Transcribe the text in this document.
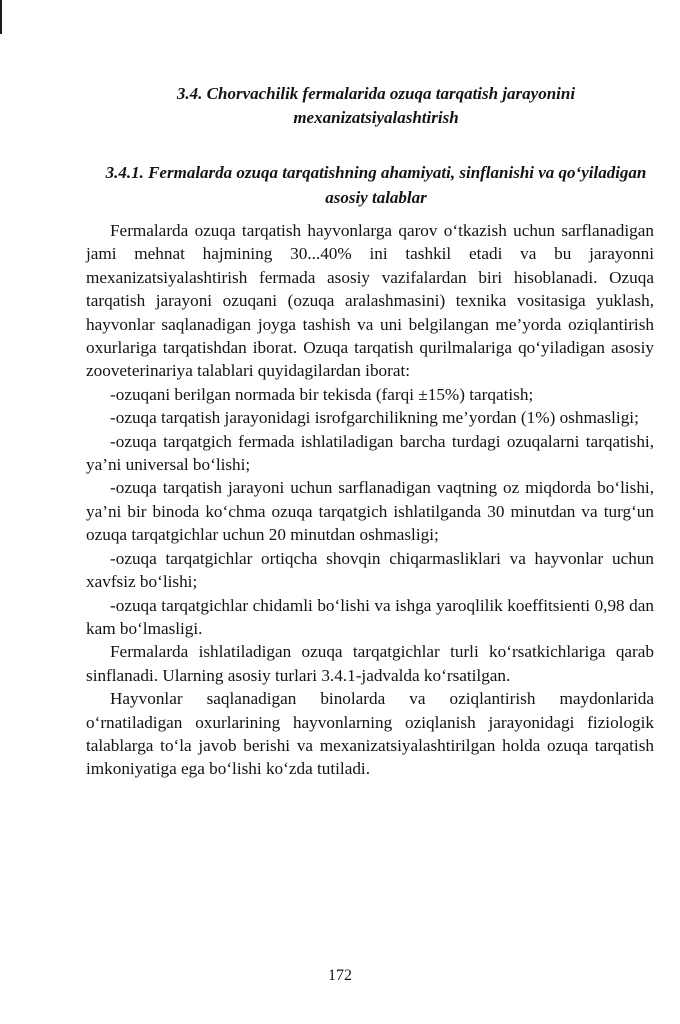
3.4. Chorvachilik fermalarida ozuqa tarqatish jarayonini mexanizatsiyalashtirish
3.4.1. Fermalarda ozuqa tarqatishning ahamiyati, sinflanishi va qo‘yiladigan asosiy talablar

Fermalarda ozuqa tarqatish hayvonlarga qarov o‘tkazish uchun sarflanadigan jami mehnat hajmining 30...40% ini tashkil etadi va bu jarayonni mexanizatsiyalashtirish fermada asosiy vazifalardan biri hisoblanadi. Ozuqa tarqatish jarayoni ozuqani (ozuqa aralashmasini) texnika vositasiga yuklash, hayvonlar saqlanadigan joyga tashish va uni belgilangan me’yorda oziqlantirish oxurlariga tarqatishdan iborat. Ozuqa tarqatish qurilmalariga qo‘yiladigan asosiy zooveterinariya talablari quyidagilardan iborat:

-ozuqani berilgan normada bir tekisda (farqi ±15%) tarqatish;

-ozuqa tarqatish jarayonidagi isrofgarchilikning me’yordan (1%) oshmasligi;

-ozuqa tarqatgich fermada ishlatiladigan barcha turdagi ozuqalarni tarqatishi, ya’ni universal bo‘lishi;

-ozuqa tarqatish jarayoni uchun sarflanadigan vaqtning oz miqdorda bo‘lishi, ya’ni bir binoda ko‘chma ozuqa tarqatgich ishlatilganda 30 minutdan va turg‘un ozuqa tarqatgichlar uchun 20 minutdan oshmasligi;

-ozuqa tarqatgichlar ortiqcha shovqin chiqarmasliklari va hayvonlar uchun xavfsiz bo‘lishi;

-ozuqa tarqatgichlar chidamli bo‘lishi va ishga yaroqlilik koeffitsienti 0,98 dan kam bo‘lmasligi.

Fermalarda ishlatiladigan ozuqa tarqatgichlar turli ko‘rsatkichlariga qarab sinflanadi. Ularning asosiy turlari 3.4.1-jadvalda ko‘rsatilgan.

Hayvonlar saqlanadigan binolarda va oziqlantirish maydonlarida o‘rnatiladigan oxurlarining hayvonlarning oziqlanish jarayonidagi fiziologik talablarga to‘la javob berishi va mexanizatsiyalashtirilgan holda ozuqa tarqatish imkoniyatiga ega bo‘lishi ko‘zda tutiladi.

172
